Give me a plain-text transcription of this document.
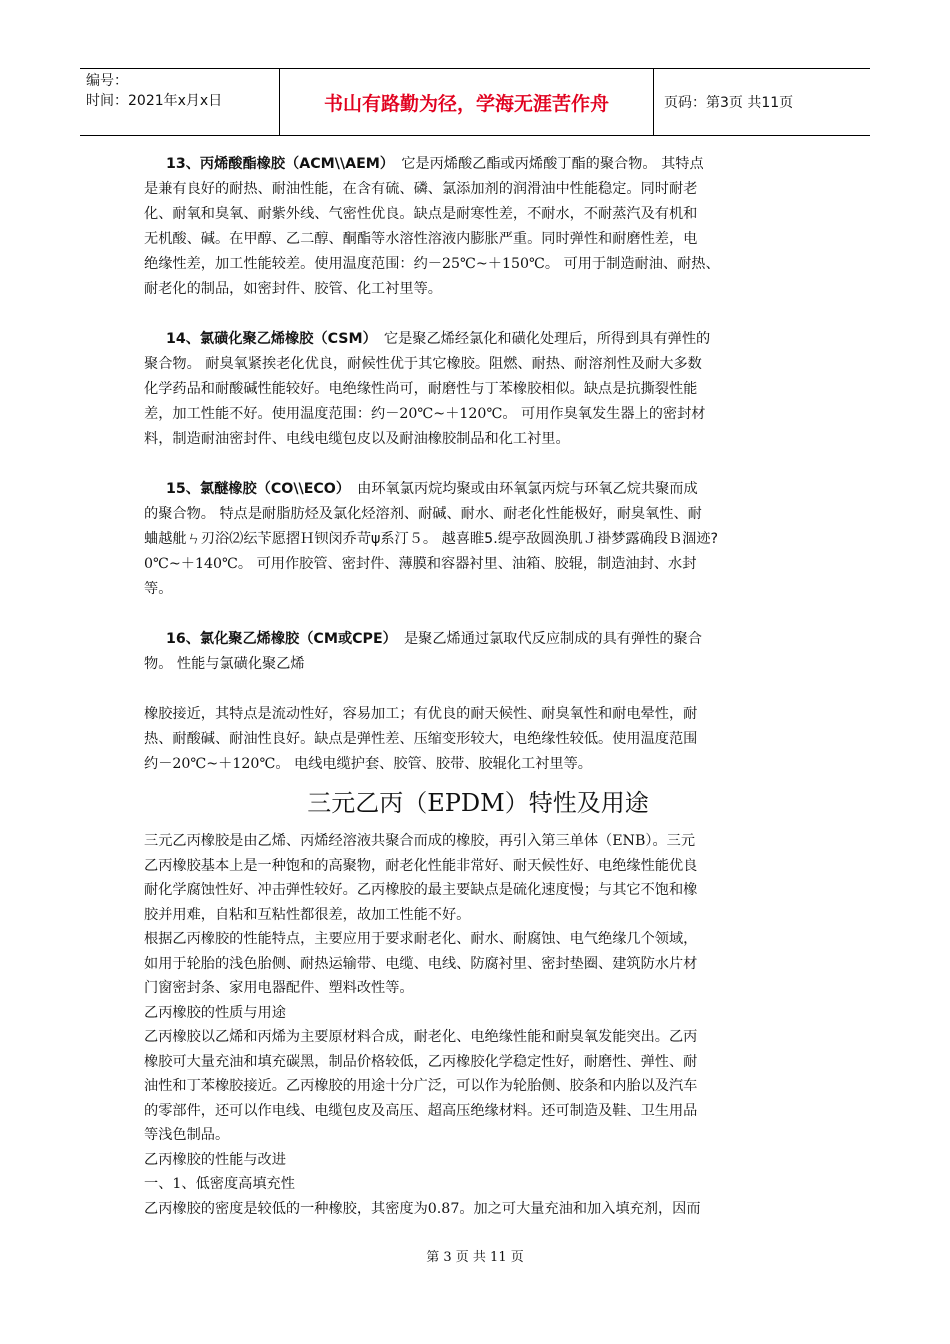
编号：
时间：2021年x月x日	书山有路勤为径，学海无涯苦作舟	页码：第3页 共11页
13、丙烯酸酯橡胶（ACM\\AEM）　 它是丙烯酸乙酯或丙烯酸丁酯的聚合物。 其特点
是兼有良好的耐热、耐油性能，在含有硫、磷、氯添加剂的润滑油中性能稳定。同时耐老
化、耐氧和臭氧、耐紫外线、气密性优良。缺点是耐寒性差，不耐水，不耐蒸汽及有机和
无机酸、碱。在甲醇、乙二醇、酮酯等水溶性溶液内膨胀严重。同时弹性和耐磨性差，电
绝缘性差，加工性能较差。使用温度范围：约－25℃~＋150℃。 可用于制造耐油、耐热、
耐老化的制品，如密封件、胶管、化工衬里等。
14、氯磺化聚乙烯橡胶（CSM）　 它是聚乙烯经氯化和磺化处理后，所得到具有弹性的
聚合物。 耐臭氧紧挨老化优良，耐候性优于其它橡胶。阻燃、耐热、耐溶剂性及耐大多数
化学药品和耐酸碱性能较好。电绝缘性尚可，耐磨性与丁苯橡胶相似。缺点是抗撕裂性能
差，加工性能不好。使用温度范围：约－20℃~＋120℃。 可用作臭氧发生器上的密封材
料，制造耐油密封件、电线电缆包皮以及耐油橡胶制品和化工衬里。
15、氯醚橡胶（CO\\ECO）　 由环氧氯丙烷均聚或由环氧氯丙烷与环氧乙烷共聚而成
的聚合物。 特点是耐脂肪烃及氯化烃溶剂、耐碱、耐水、耐老化性能极好，耐臭氧性、耐
蛐越舭ㄣ刃浴⑵纭苄愿摺Ｈ钡闵乔苛ψ系汀５。 越喜睢5.缇亭敌圆涣肌Ｊ褂梦露确段Ｂ涸迹?
0℃~＋140℃。 可用作胶管、密封件、薄膜和容器衬里、油箱、胶辊，制造油封、水封
等。
16、氯化聚乙烯橡胶（CM或CPE）　 是聚乙烯通过氯取代反应制成的具有弹性的聚合
物。 性能与氯磺化聚乙烯
橡胶接近，其特点是流动性好，容易加工；有优良的耐天候性、耐臭氧性和耐电晕性，耐
热、耐酸碱、耐油性良好。缺点是弹性差、压缩变形较大，电绝缘性较低。使用温度范围
约－20℃~＋120℃。 电线电缆护套、胶管、胶带、胶辊化工衬里等。
三元乙丙（EPDM）特性及用途
三元乙丙橡胶是由乙烯、丙烯经溶液共聚合而成的橡胶，再引入第三单体（ENB）。三元
乙丙橡胶基本上是一种饱和的高聚物，耐老化性能非常好、耐天候性好、电绝缘性能优良
耐化学腐蚀性好、冲击弹性较好。乙丙橡胶的最主要缺点是硫化速度慢；与其它不饱和橡
胶并用难，自粘和互粘性都很差，故加工性能不好。
根据乙丙橡胶的性能特点，主要应用于要求耐老化、耐水、耐腐蚀、电气绝缘几个领域，
如用于轮胎的浅色胎侧、耐热运输带、电缆、电线、防腐衬里、密封垫圈、建筑防水片材
门窗密封条、家用电器配件、塑料改性等。
乙丙橡胶的性质与用途
乙丙橡胶以乙烯和丙烯为主要原材料合成，耐老化、电绝缘性能和耐臭氧发能突出。乙丙
橡胶可大量充油和填充碳黑，制品价格较低，乙丙橡胶化学稳定性好，耐磨性、弹性、耐
油性和丁苯橡胶接近。乙丙橡胶的用途十分广泛，可以作为轮胎侧、胶条和内胎以及汽车
的零部件，还可以作电线、电缆包皮及高压、超高压绝缘材料。还可制造及鞋、卫生用品
等浅色制品。
乙丙橡胶的性能与改进
一、1、低密度高填充性
乙丙橡胶的密度是较低的一种橡胶，其密度为0.87。加之可大量充油和加入填充剂，因而
第 3 页 共 11 页
